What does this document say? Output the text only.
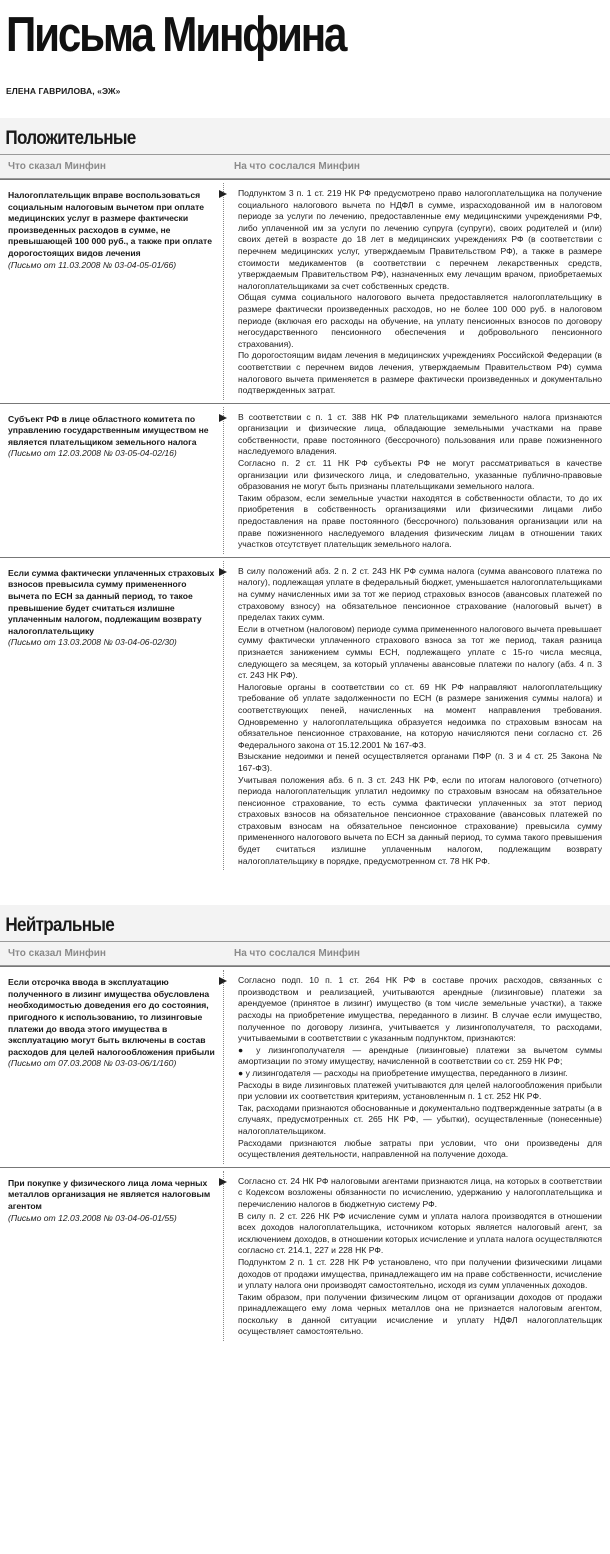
Письма Минфина
ЕЛЕНА ГАВРИЛОВА, «ЭЖ»
Положительные
Что сказал Минфин	На что сослался Минфин
Налогоплательщик вправе воспользоваться социальным налоговым вычетом при оплате медицинских услуг в размере фактически произведенных расходов в сумме, не превышающей 100 000 руб., а также при оплате дорогостоящих видов лечения
(Письмо от 11.03.2008 № 03-04-05-01/66)

Подпунктом 3 п. 1 ст. 219 НК РФ предусмотрено право налогоплательщика на получение социального налогового вычета по НДФЛ в сумме, израсходованной им в налоговом периоде за услуги по лечению, предоставленные ему медицинскими учреждениями РФ, либо уплаченной им за услуги по лечению супруга (супруги), своих родителей и (или) своих детей в возрасте до 18 лет в медицинских учреждениях РФ (в соответствии с перечнем медицинских услуг, утверждаемым Правительством РФ), а также в размере стоимости медикаментов (в соответствии с перечнем лекарственных средств, утверждаемым Правительством РФ), назначенных ему лечащим врачом, приобретаемых налогоплательщиками за счет собственных средств.

Общая сумма социального налогового вычета предоставляется налогоплательщику в размере фактически произведенных расходов, но не более 100 000 руб. в налоговом периоде (включая его расходы на обучение, на уплату пенсионных взносов по договору негосударственного пенсионного обеспечения и добровольного пенсионного страхования).

По дорогостоящим видам лечения в медицинских учреждениях Российской Федерации (в соответствии с перечнем видов лечения, утверждаемым Правительством РФ) сумма налогового вычета применяется в размере фактически произведенных и документально подтвержденных затрат.

Субъект РФ в лице областного комитета по управлению государственным имуществом не является плательщиком земельного налога
(Письмо от 12.03.2008 № 03-05-04-02/16)

В соответствии с п. 1 ст. 388 НК РФ плательщиками земельного налога признаются организации и физические лица, обладающие земельными участками на праве собственности, праве постоянного (бессрочного) пользования или праве пожизненного наследуемого владения.

Согласно п. 2 ст. 11 НК РФ субъекты РФ не могут рассматриваться в качестве организации или физического лица, и следовательно, указанные публично-правовые образования не могут быть признаны плательщиками земельного налога.

Таким образом, если земельные участки находятся в собственности области, то до их приобретения в собственность организациями или физическими лицами либо предоставления на праве постоянного (бессрочного) пользования организации или на праве пожизненного наследуемого владения физическим лицам в отношении таких участков отсутствует плательщик земельного налога.

Если сумма фактически уплаченных страховых взносов превысила сумму примененного вычета по ЕСН за данный период, то такое превышение будет считаться излишне уплаченным налогом, подлежащим возврату налогоплательщику
(Письмо от 13.03.2008 № 03-04-06-02/30)

В силу положений абз. 2 п. 2 ст. 243 НК РФ сумма налога (сумма авансового платежа по налогу), подлежащая уплате в федеральный бюджет, уменьшается налогоплательщиками на сумму начисленных ими за тот же период страховых взносов (авансовых платежей по страховому взносу) на обязательное пенсионное страхование (налоговый вычет) в пределах таких сумм.

Если в отчетном (налоговом) периоде сумма примененного налогового вычета превышает сумму фактически уплаченного страхового взноса за тот же период, такая разница признается занижением суммы ЕСН, подлежащего уплате с 15-го числа месяца, следующего за месяцем, за который уплачены авансовые платежи по налогу (абз. 4 п. 3 ст. 243 НК РФ).

Налоговые органы в соответствии со ст. 69 НК РФ направляют налогоплательщику требование об уплате задолженности по ЕСН (в размере занижения суммы налога) и соответствующих пеней, начисленных на момент направления требования. Одновременно у налогоплательщика образуется недоимка по страховым взносам на обязательное пенсионное страхование, на которую начисляются пени согласно ст. 26 Федерального закона от 15.12.2001 № 167-ФЗ.

Взыскание недоимки и пеней осуществляется органами ПФР (п. 3 и 4 ст. 25 Закона № 167-ФЗ).

Учитывая положения абз. 6 п. 3 ст. 243 НК РФ, если по итогам налогового (отчетного) периода налогоплательщик уплатил недоимку по страховым взносам на обязательное пенсионное страхование, то есть сумма фактически уплаченных за этот период страховых взносов на обязательное пенсионное страхование (авансовых платежей по страховым взносам на обязательное пенсионное страхование) превысила сумму примененного налогового вычета по ЕСН за данный период, то сумма такого превышения будет считаться излишне уплаченным налогом, подлежащим возврату налогоплательщику в порядке, предусмотренном ст. 78 НК РФ.

Нейтральные
Что сказал Минфин	На что сослался Минфин
Если отсрочка ввода в эксплуатацию полученного в лизинг имущества обусловлена необходимостью доведения его до состояния, пригодного к использованию, то лизинговые платежи до ввода этого имущества в эксплуатацию могут быть включены в состав расходов для целей налогообложения прибыли
(Письмо от 07.03.2008 № 03-03-06/1/160)

Согласно подп. 10 п. 1 ст. 264 НК РФ в составе прочих расходов, связанных с производством и реализацией, учитываются арендные (лизинговые) платежи за арендуемое (принятое в лизинг) имущество (в том числе земельные участки), а также расходы на приобретение имущества, переданного в лизинг. В случае если имущество, полученное по договору лизинга, учитывается у лизингополучателя, то расходами, учитываемыми в соответствии с указанным подпунктом, признаются:

● у лизингополучателя — арендные (лизинговые) платежи за вычетом суммы амортизации по этому имуществу, начисленной в соответствии со ст. 259 НК РФ;

● у лизингодателя — расходы на приобретение имущества, переданного в лизинг.

Расходы в виде лизинговых платежей учитываются для целей налогообложения прибыли при условии их соответствия критериям, установленным п. 1 ст. 252 НК РФ.

Так, расходами признаются обоснованные и документально подтвержденные затраты (а в случаях, предусмотренных ст. 265 НК РФ, — убытки), осуществленные (понесенные) налогоплательщиком.

Расходами признаются любые затраты при условии, что они произведены для осуществления деятельности, направленной на получение дохода.

При покупке у физического лица лома черных металлов организация не является налоговым агентом
(Письмо от 12.03.2008 № 03-04-06-01/55)

Согласно ст. 24 НК РФ налоговыми агентами признаются лица, на которых в соответствии с Кодексом возложены обязанности по исчислению, удержанию у налогоплательщика и перечислению налогов в бюджетную систему РФ.

В силу п. 2 ст. 226 НК РФ исчисление сумм и уплата налога производятся в отношении всех доходов налогоплательщика, источником которых является налоговый агент, за исключением доходов, в отношении которых исчисление и уплата налога осуществляются согласно ст. 214.1, 227 и 228 НК РФ.

Подпунктом 2 п. 1 ст. 228 НК РФ установлено, что при получении физическими лицами доходов от продажи имущества, принадлежащего им на праве собственности, исчисление и уплату налога они производят самостоятельно, исходя из сумм уплаченных доходов.

Таким образом, при получении физическим лицом от организации доходов от продажи принадлежащего ему лома черных металлов она не признается налоговым агентом, поскольку в данной ситуации исчисление и уплату НДФЛ налогоплательщик осуществляет самостоятельно.
